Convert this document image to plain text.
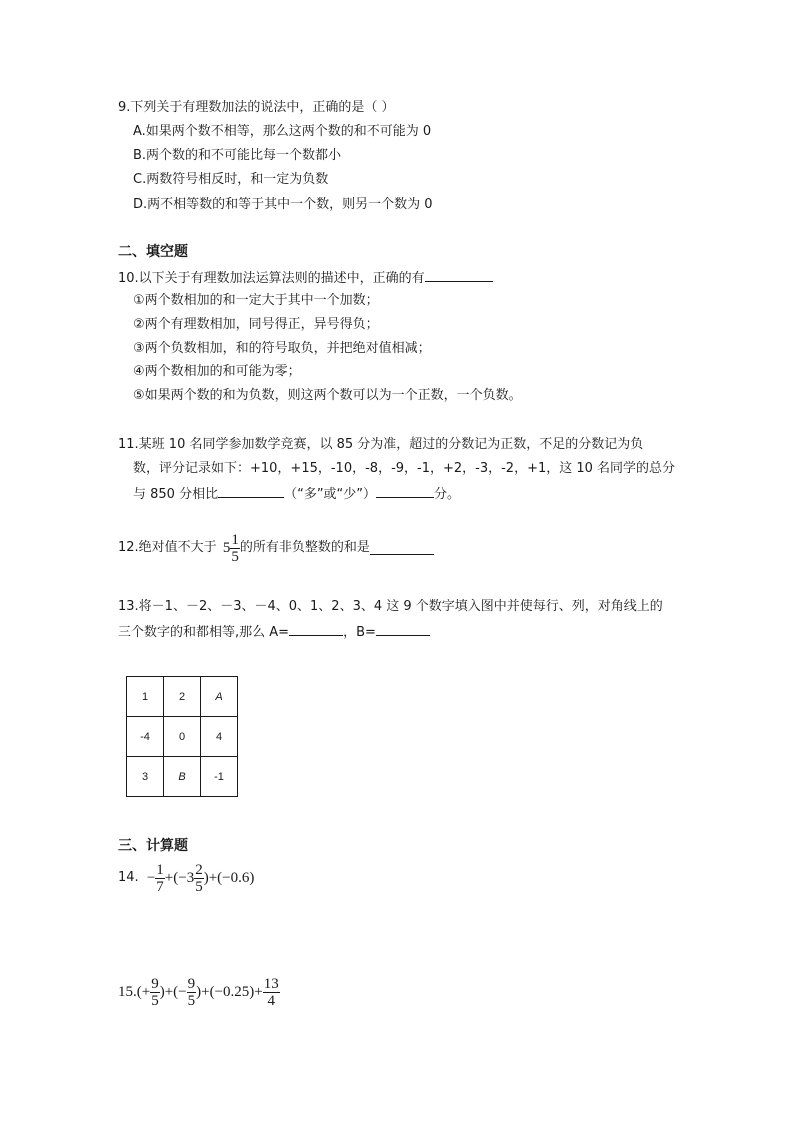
9.下列关于有理数加法的说法中，正确的是（ ）
A.如果两个数不相等，那么这两个数的和不可能为 0
B.两个数的和不可能比每一个数都小
C.两数符号相反时，和一定为负数
D.两不相等数的和等于其中一个数，则另一个数为 0
二、填空题
10.以下关于有理数加法运算法则的描述中，正确的有
①两个数相加的和一定大于其中一个加数；
②两个有理数相加，同号得正，异号得负；
③两个负数相加，和的符号取负，并把绝对值相减；
④两个数相加的和可能为零；
⑤如果两个数的和为负数，则这两个数可以为一个正数，一个负数。
11.某班 10 名同学参加数学竞赛，以 85 分为准，超过的分数记为正数，不足的分数记为负
数，评分记录如下：+10，+15，-10，-8，-9，-1，+2，-3，-2，+1，这 10 名同学的总分
与 850 分相比	（“多”或“少”）	分。
12.绝对值不大于 $5 \frac{1}{5}$ 的所有非负整数的和是
13.将－1、－2、－3、－4、0、1、2、3、4 这 9 个数字填入图中并使每行、列，对角线上的
三个数字的和都相等,那么 A=	，B=
1	2	A
-4	0	4
3	B	-1
三、计算题
14. − $\frac{1}{7} +(-3 \frac{2}{5} )+(-0.6)$
$15.(+ \frac{9}{5}$ )+(− $\frac{9}{5} )+(-0.25)+ \frac{13}{4}$
